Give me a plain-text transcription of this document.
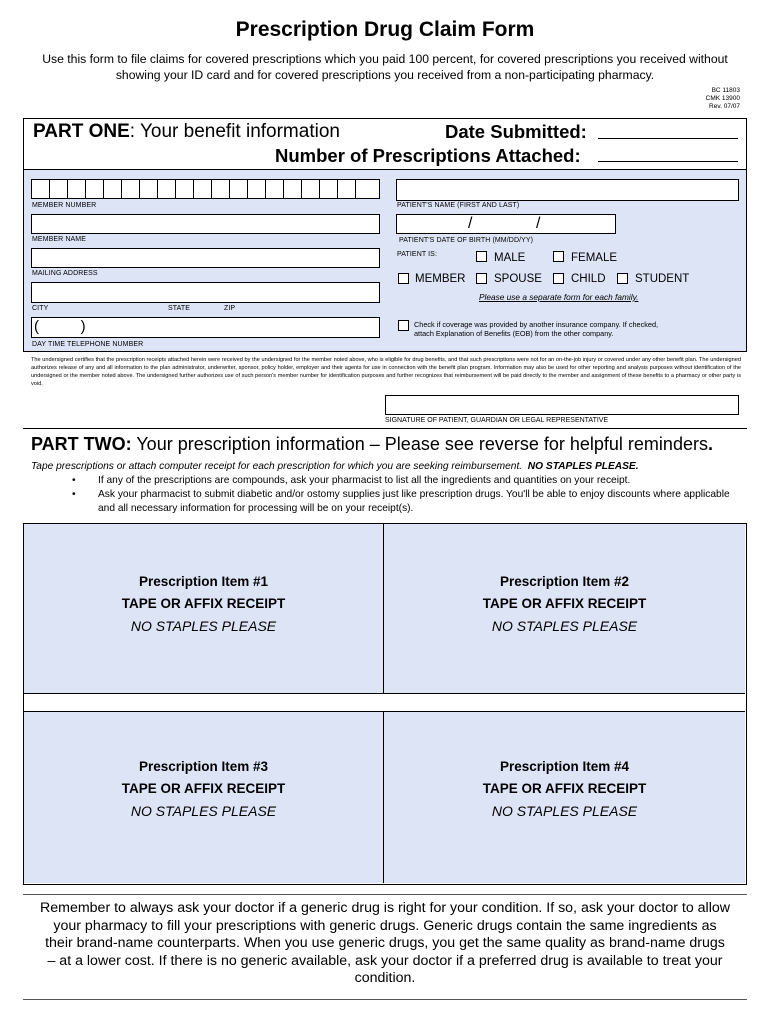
Prescription Drug Claim Form
Use this form to file claims for covered prescriptions which you paid 100 percent, for covered prescriptions you received without showing your ID card and for covered prescriptions you received from a non-participating pharmacy.
BC 11803
CMK 13900
Rev. 07/07
PART ONE: Your benefit information	Date Submitted:
Number of Prescriptions Attached:
MEMBER NUMBER
MEMBER NAME
MAILING ADDRESS
CITY	STATE	ZIP
(          )
DAY TIME TELEPHONE NUMBER
PATIENT'S NAME (FIRST AND LAST)
/	/
PATIENT'S DATE OF BIRTH (MM/DD/YY)
PATIENT IS:	MALE	FEMALE
MEMBER SPOUSE	CHILD	STUDENT
Please use a separate form for each family.
Check if coverage was provided by another insurance company. If checked, attach Explanation of Benefits (EOB) from the other company.
The undersigned certifies that the prescription receipts attached herein were received by the undersigned for the member noted above, who is eligible for drug benefits, and that such prescriptions were not for an on-the-job injury or covered under any other benefit plan. The undersigned authorizes release of any and all information to the plan administrator, underwriter, sponsor, policy holder, employer and their agents for use in connection with the benefit plan program. Information may also be used for other reporting and analysis purposes without identification of the undersigned or the member noted above. The undersigned further authorizes use of such person's member number for identification purposes and further recognizes that reimbursement will be paid directly to the member and assignment of these benefits to a pharmacy or other party is void.
SIGNATURE OF PATIENT, GUARDIAN OR LEGAL REPRESENTATIVE
PART TWO: Your prescription information – Please see reverse for helpful reminders.
Tape prescriptions or attach computer receipt for each prescription for which you are seeking reimbursement. NO STAPLES PLEASE.
• If any of the prescriptions are compounds, ask your pharmacist to list all the ingredients and quantities on your receipt.
• Ask your pharmacist to submit diabetic and/or ostomy supplies just like prescription drugs. You'll be able to enjoy discounts where applicable and all necessary information for processing will be on your receipt(s).
Prescription Item #1
TAPE OR AFFIX RECEIPT
NO STAPLES PLEASE
Prescription Item #2
TAPE OR AFFIX RECEIPT
NO STAPLES PLEASE
Prescription Item #3
TAPE OR AFFIX RECEIPT
NO STAPLES PLEASE
Prescription Item #4
TAPE OR AFFIX RECEIPT
NO STAPLES PLEASE
Remember to always ask your doctor if a generic drug is right for your condition. If so, ask your doctor to allow your pharmacy to fill your prescriptions with generic drugs. Generic drugs contain the same ingredients as their brand-name counterparts. When you use generic drugs, you get the same quality as brand-name drugs – at a lower cost. If there is no generic available, ask your doctor if a preferred drug is available to treat your condition.
